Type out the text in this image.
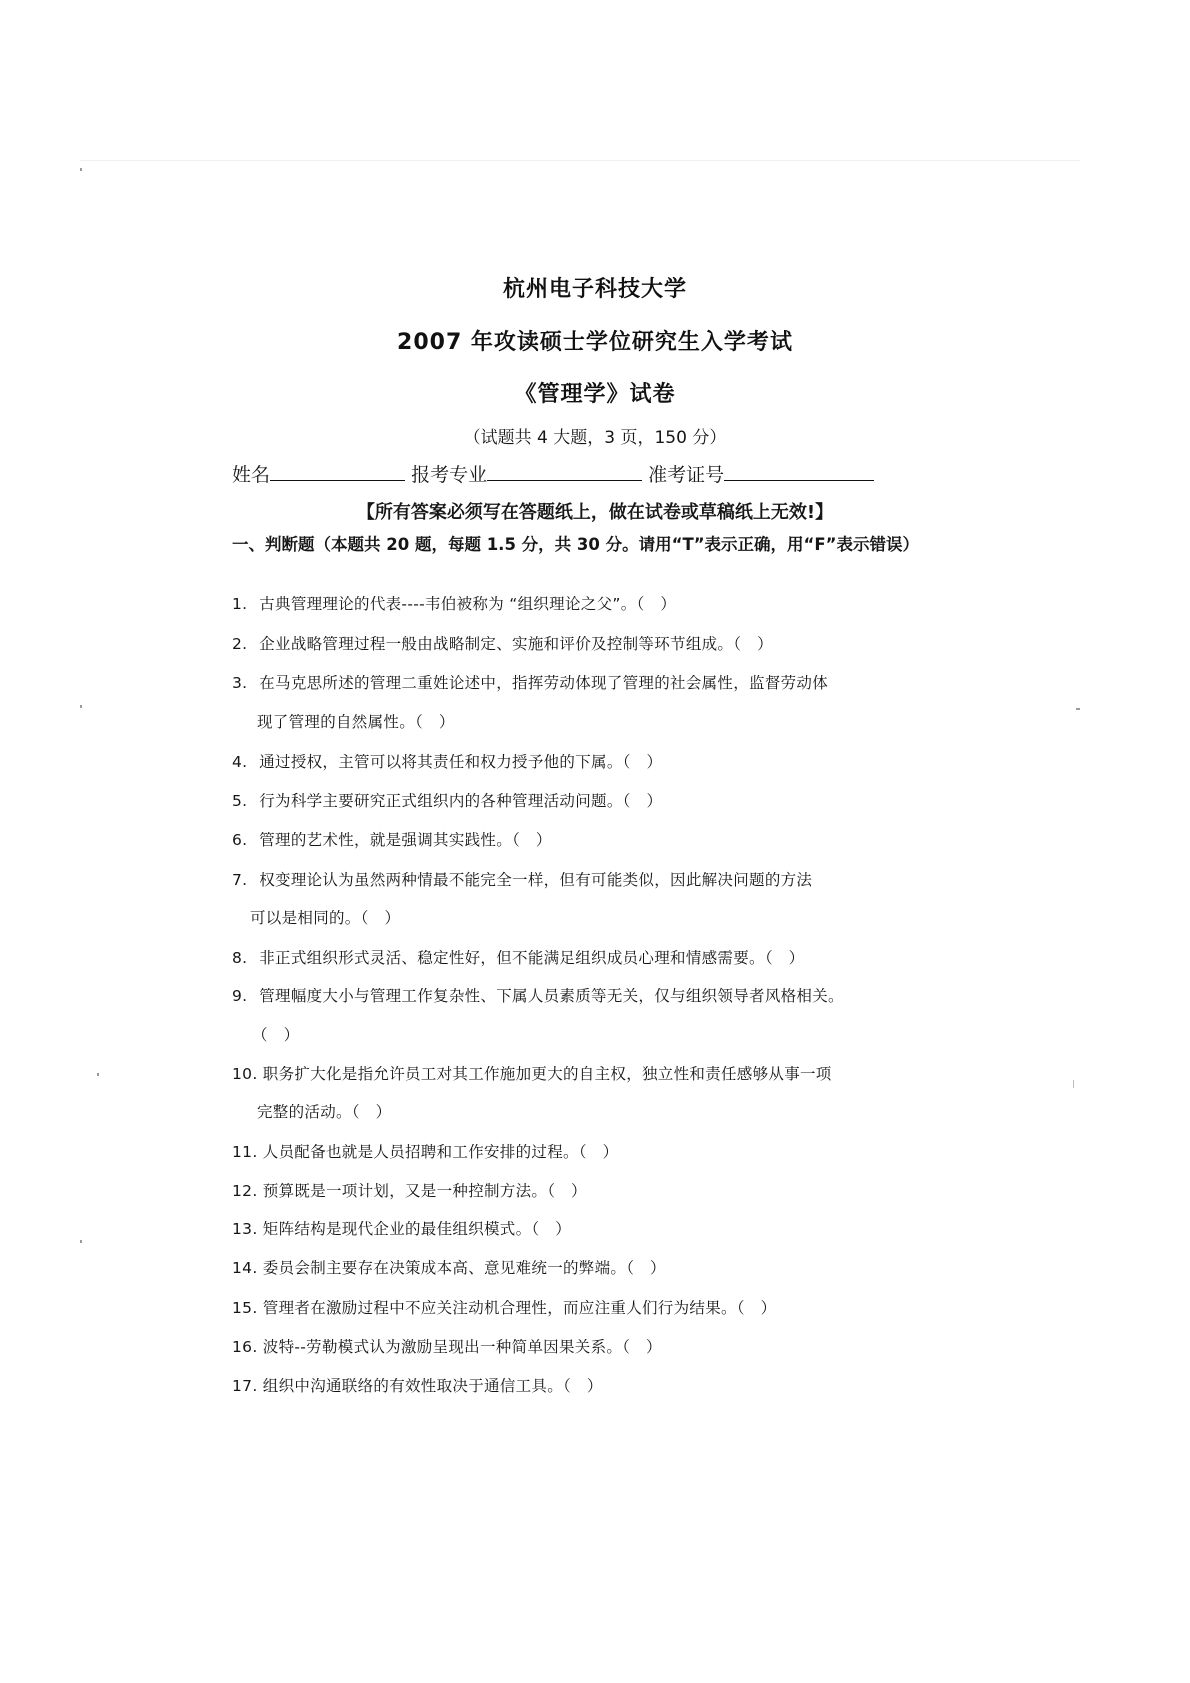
杭州电子科技大学
2007 年攻读硕士学位研究生入学考试
《管理学》试卷
（试题共 4 大题，3 页，150 分）
姓名	报考专业	准考证号
【所有答案必须写在答题纸上，做在试卷或草稿纸上无效!】
一、判断题（本题共 20 题，每题 1.5 分，共 30 分。请用“T”表示正确，用“F”表示错误）
1. 古典管理理论的代表----韦伯被称为 “组织理论之父”。（　）
2. 企业战略管理过程一般由战略制定、实施和评价及控制等环节组成。（　）
3. 在马克思所述的管理二重姓论述中，指挥劳动体现了管理的社会属性，监督劳动体
现了管理的自然属性。（　）
4. 通过授权，主管可以将其责任和权力授予他的下属。（　）
5. 行为科学主要研究正式组织内的各种管理活动问题。（　）
6. 管理的艺术性，就是强调其实践性。（　）
7. 权变理论认为虽然两种情最不能完全一样，但有可能类似，因此解决问题的方法
可以是相同的。（　）
8. 非正式组织形式灵活、稳定性好，但不能满足组织成员心理和情感需要。（　）
9. 管理幅度大小与管理工作复杂性、下属人员素质等无关，仅与组织领导者风格相关。
（　）
10. 职务扩大化是指允许员工对其工作施加更大的自主权，独立性和责任感够从事一项
完整的活动。（　）
11. 人员配备也就是人员招聘和工作安排的过程。（　）
12. 预算既是一项计划，又是一种控制方法。（　）
13. 矩阵结构是现代企业的最佳组织模式。（　）
14. 委员会制主要存在决策成本高、意见难统一的弊端。（　）
15. 管理者在激励过程中不应关注动机合理性，而应注重人们行为结果。（　）
16. 波特--劳勒模式认为激励呈现出一种简单因果关系。（　）
17. 组织中沟通联络的有效性取决于通信工具。（　）
